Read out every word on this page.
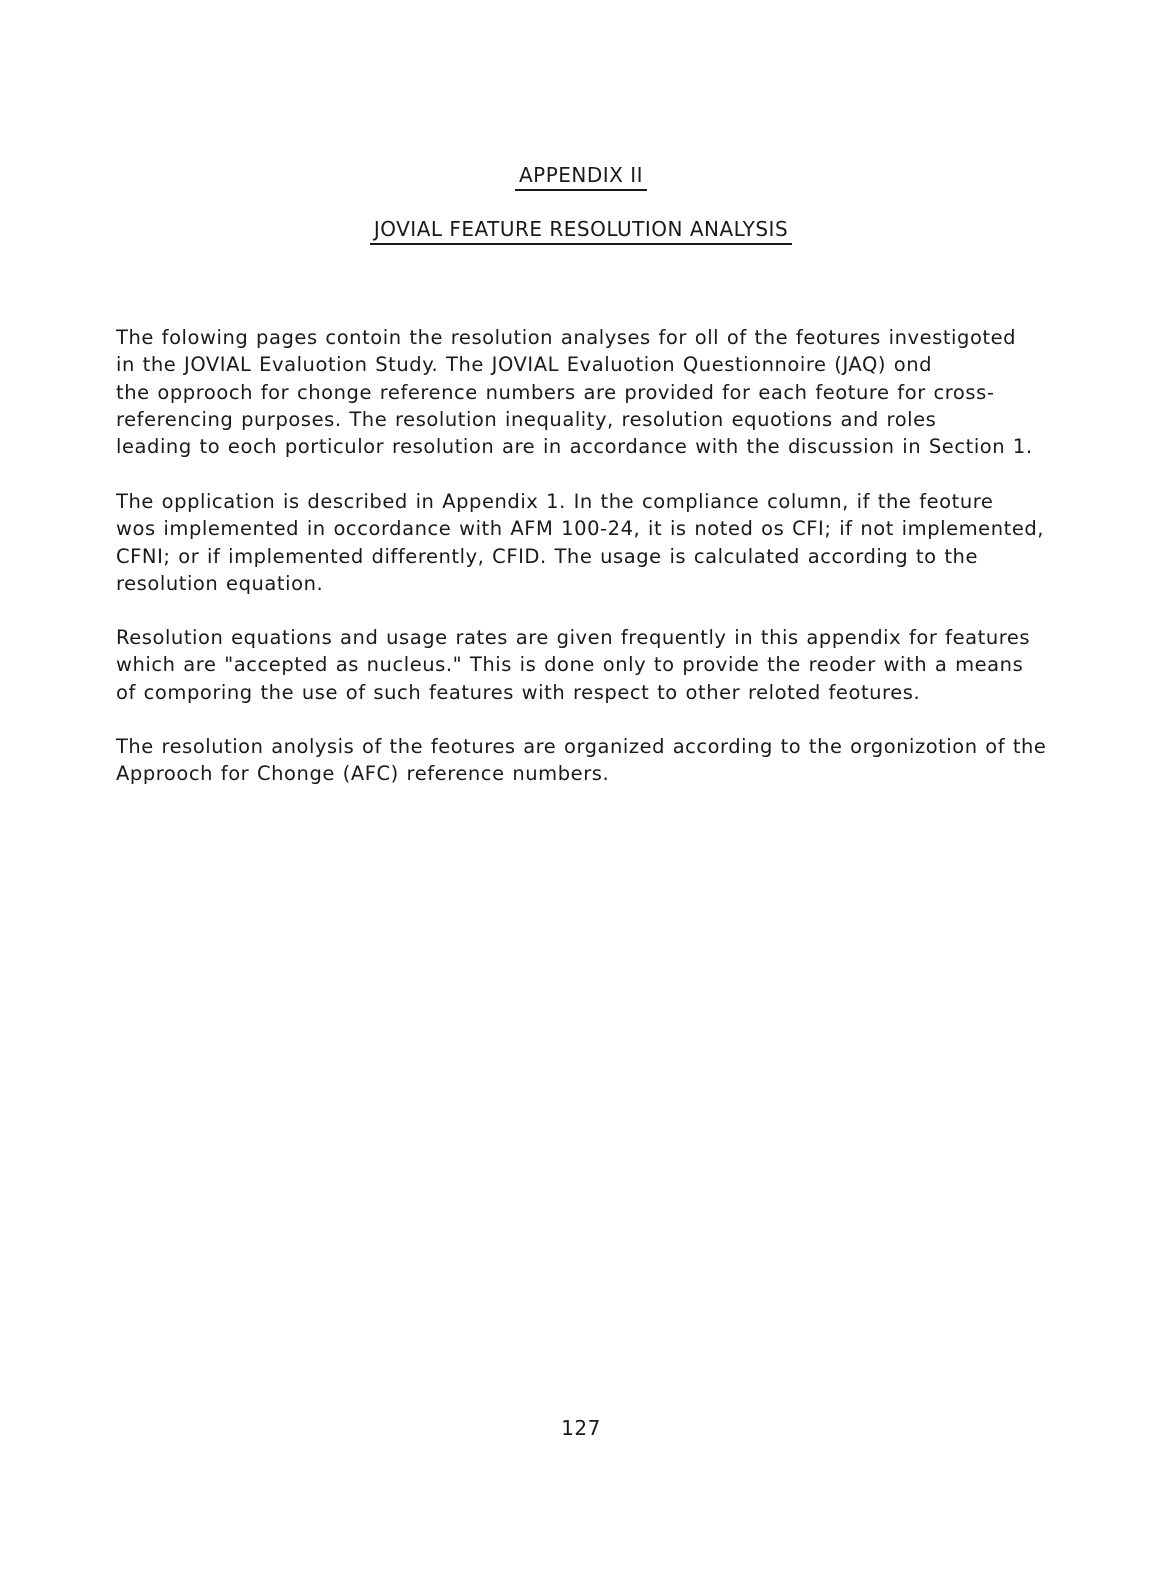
APPENDIX II
JOVIAL FEATURE RESOLUTION ANALYSIS
The folowing pages contoin the resolution analyses for oll of the feotures investigoted
in the JOVIAL Evaluotion Study. The JOVIAL Evaluotion Questionnoire (JAQ) ond
the opprooch for chonge reference numbers are provided for each feoture for cross-
referencing purposes. The resolution inequality, resolution equotions and roles
leading to eoch porticulor resolution are in accordance with the discussion in Section 1.
The opplication is described in Appendix 1. In the compliance column, if the feoture
wos implemented in occordance with AFM 100-24, it is noted os CFI; if not implemented,
CFNI; or if implemented differently, CFID. The usage is calculated according to the
resolution equation.
Resolution equations and usage rates are given frequently in this appendix for features
which are "accepted as nucleus." This is done only to provide the reoder with a means
of comporing the use of such features with respect to other reloted feotures.
The resolution anolysis of the feotures are organized according to the orgonizotion of the
Approoch for Chonge (AFC) reference numbers.
127
